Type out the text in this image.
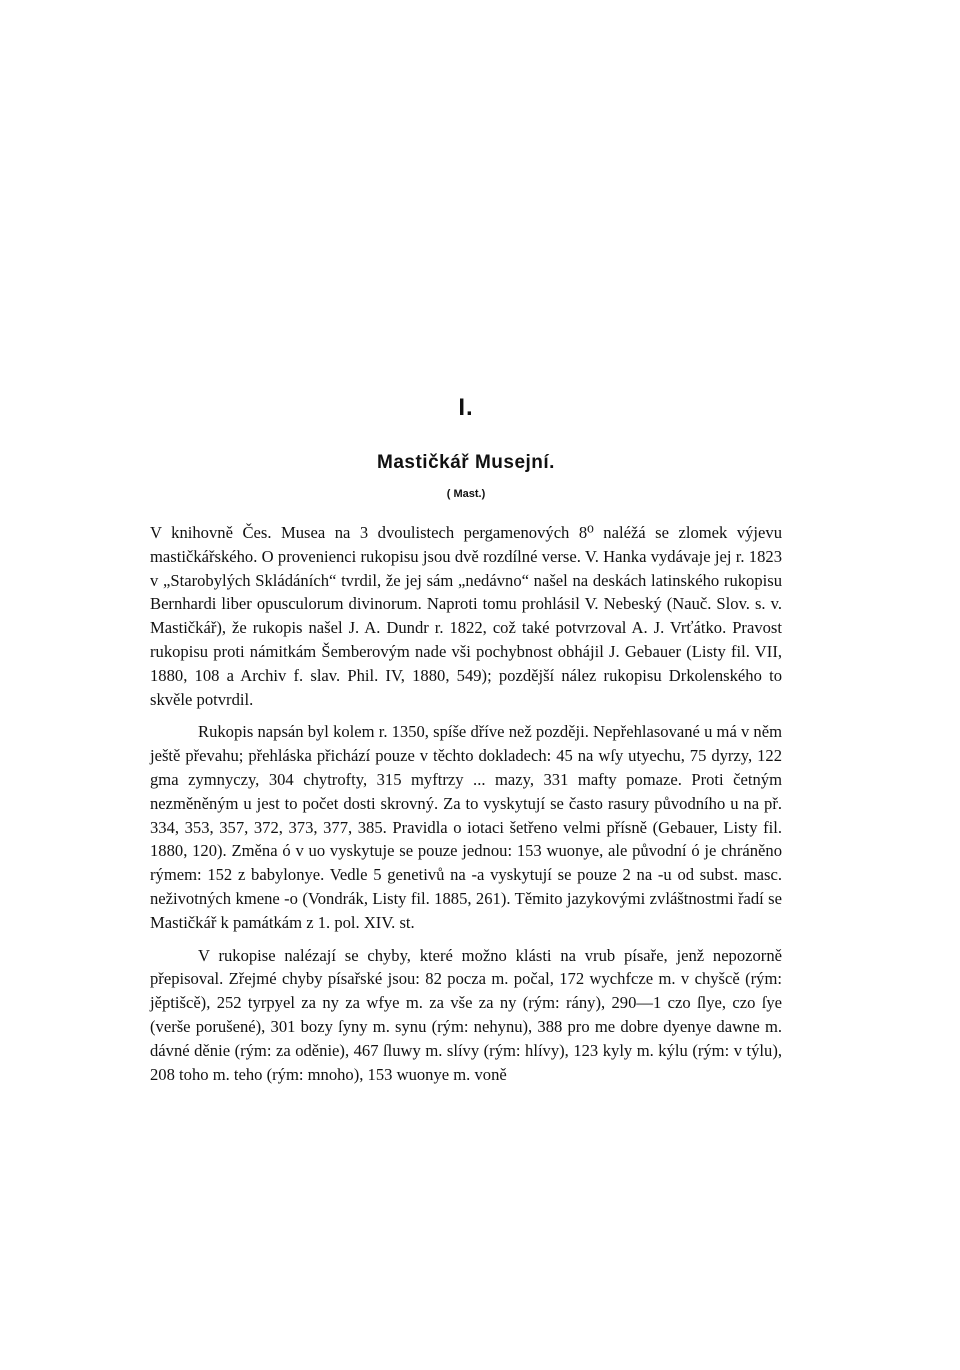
I.
Mastičkář Musejní.
( Mast.)

V knihovně Čes. Musea na 3 dvoulistech pergamenových 8⁰ naléžá se zlomek výjevu mastičkářského. O provenienci rukopisu jsou dvě rozdílné verse. V. Hanka vydávaje jej r. 1823 v „Starobylých Skládáních“ tvrdil, že jej sám „nedávno“ našel na deskách latinského rukopisu Bernhardi liber opusculorum divinorum. Naproti tomu prohlásil V. Nebeský (Nauč. Slov. s. v. Mastičkář), že rukopis našel J. A. Dundr r. 1822, což také potvrzoval A. J. Vrťátko. Pravost rukopisu proti námitkám Šemberovým nade vši pochybnost obhájil J. Gebauer (Listy fil. VII, 1880, 108 a Archiv f. slav. Phil. IV, 1880, 549); pozdější nález rukopisu Drkolenského to skvěle potvrdil.

Rukopis napsán byl kolem r. 1350, spíše dříve než později. Nepřehlasované u má v něm ještě převahu; přehláska přichází pouze v těchto dokladech: 45 na wſy utyechu, 75 dyrzy, 122 gma zymnyczy, 304 chytrofty, 315 myftrzy ... mazy, 331 mafty pomaze. Proti četným nezměněným u jest to počet dosti skrovný. Za to vyskytují se často rasury původního u na př. 334, 353, 357, 372, 373, 377, 385. Pravidla o iotaci šetřeno velmi přísně (Gebauer, Listy fil. 1880, 120). Změna ó v uo vyskytuje se pouze jednou: 153 wuonye, ale původní ó je chráněno rýmem: 152 z babylonye. Vedle 5 genetivů na -a vyskytují se pouze 2 na -u od subst. masc. neživotných kmene -o (Vondrák, Listy fil. 1885, 261). Těmito jazykovými zvláštnostmi řadí se Mastičkář k památkám z 1. pol. XIV. st.

V rukopise nalézají se chyby, které možno klásti na vrub písaře, jenž nepozorně přepisoval. Zřejmé chyby písařské jsou: 82 pocza m. počal, 172 wychfcze m. v chyšcě (rým: jěptišcě), 252 tyrpyel za ny za wfye m. za vše za ny (rým: rány), 290—1 czo ſlye, czo ſye (verše porušené), 301 bozy ſyny m. synu (rým: nehynu), 388 pro me dobre dyenye dawne m. dávné děnie (rým: za oděnie), 467 ſluwy m. slívy (rým: hlívy), 123 kyly m. kýlu (rým: v týlu), 208 toho m. teho (rým: mnoho), 153 wuonye m. voně
